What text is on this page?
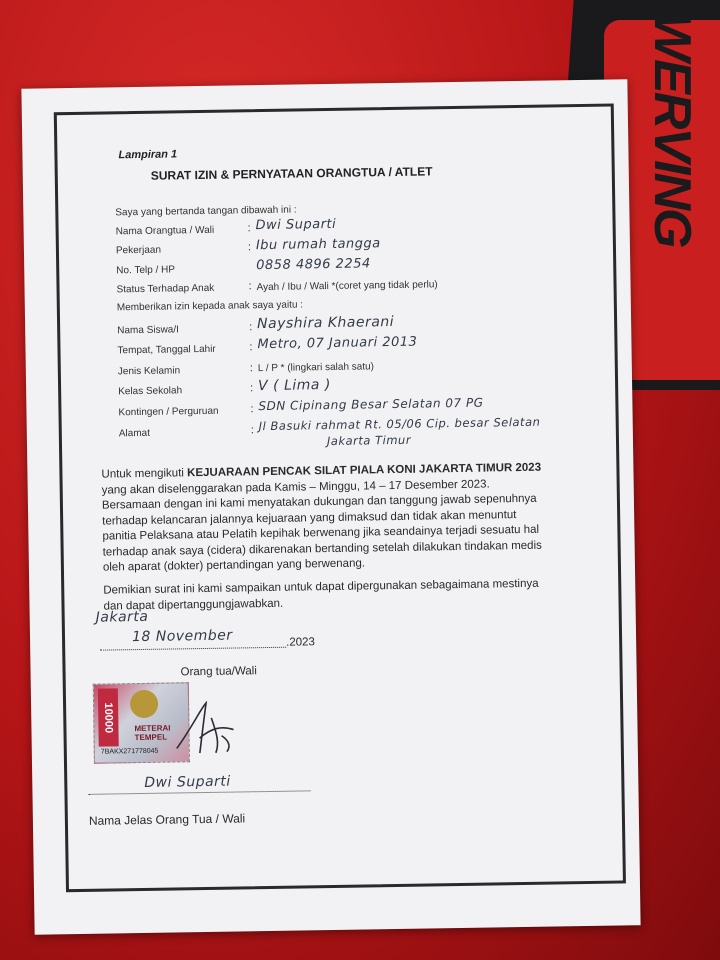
WERVING
Lampiran 1
SURAT IZIN & PERNYATAAN ORANGTUA / ATLET
Saya yang bertanda tangan dibawah ini :
Nama Orangtua / Wali	: Dwi Suparti
Pekerjaan	: Ibu rumah tangga
No. Telp / HP	0858 4896 2254
Status Terhadap Anak	: Ayah / Ibu / Wali *(coret yang tidak perlu)
Memberikan izin kepada anak saya yaitu :
Nama Siswa/I	: Nayshira Khaerani
Tempat, Tanggal Lahir	: Metro, 07 Januari 2013
Jenis Kelamin	: L / P * (lingkari salah satu)
Kelas Sekolah	: V ( Lima )
Kontingen / Perguruan	: SDN Cipinang Besar Selatan 07 PG
Alamat	: Jl Basuki rahmat Rt. 05/06 Cip. besar Selatan
Jakarta Timur
Untuk mengikuti KEJUARAAN PENCAK SILAT PIALA KONI JAKARTA TIMUR 2023
yang akan diselenggarakan pada Kamis – Minggu, 14 – 17 Desember 2023.
Bersamaan dengan ini kami menyatakan dukungan dan tanggung jawab sepenuhnya
terhadap kelancaran jalannya kejuaraan yang dimaksud dan tidak akan menuntut
panitia Pelaksana atau Pelatih kepihak berwenang jika seandainya terjadi sesuatu hal
terhadap anak saya (cidera) dikarenakan bertanding setelah dilakukan tindakan medis
oleh aparat (dokter) pertandingan yang berwenang.
Demikian surat ini kami sampaikan untuk dapat dipergunakan sebagaimana mestinya
dan dapat dipertanggungjawabkan.
Jakarta
18 November	.2023
Orang tua/Wali
10000	METERAI
TEMPEL
7BAKX271778045
Dwi Suparti
Nama Jelas Orang Tua / Wali
